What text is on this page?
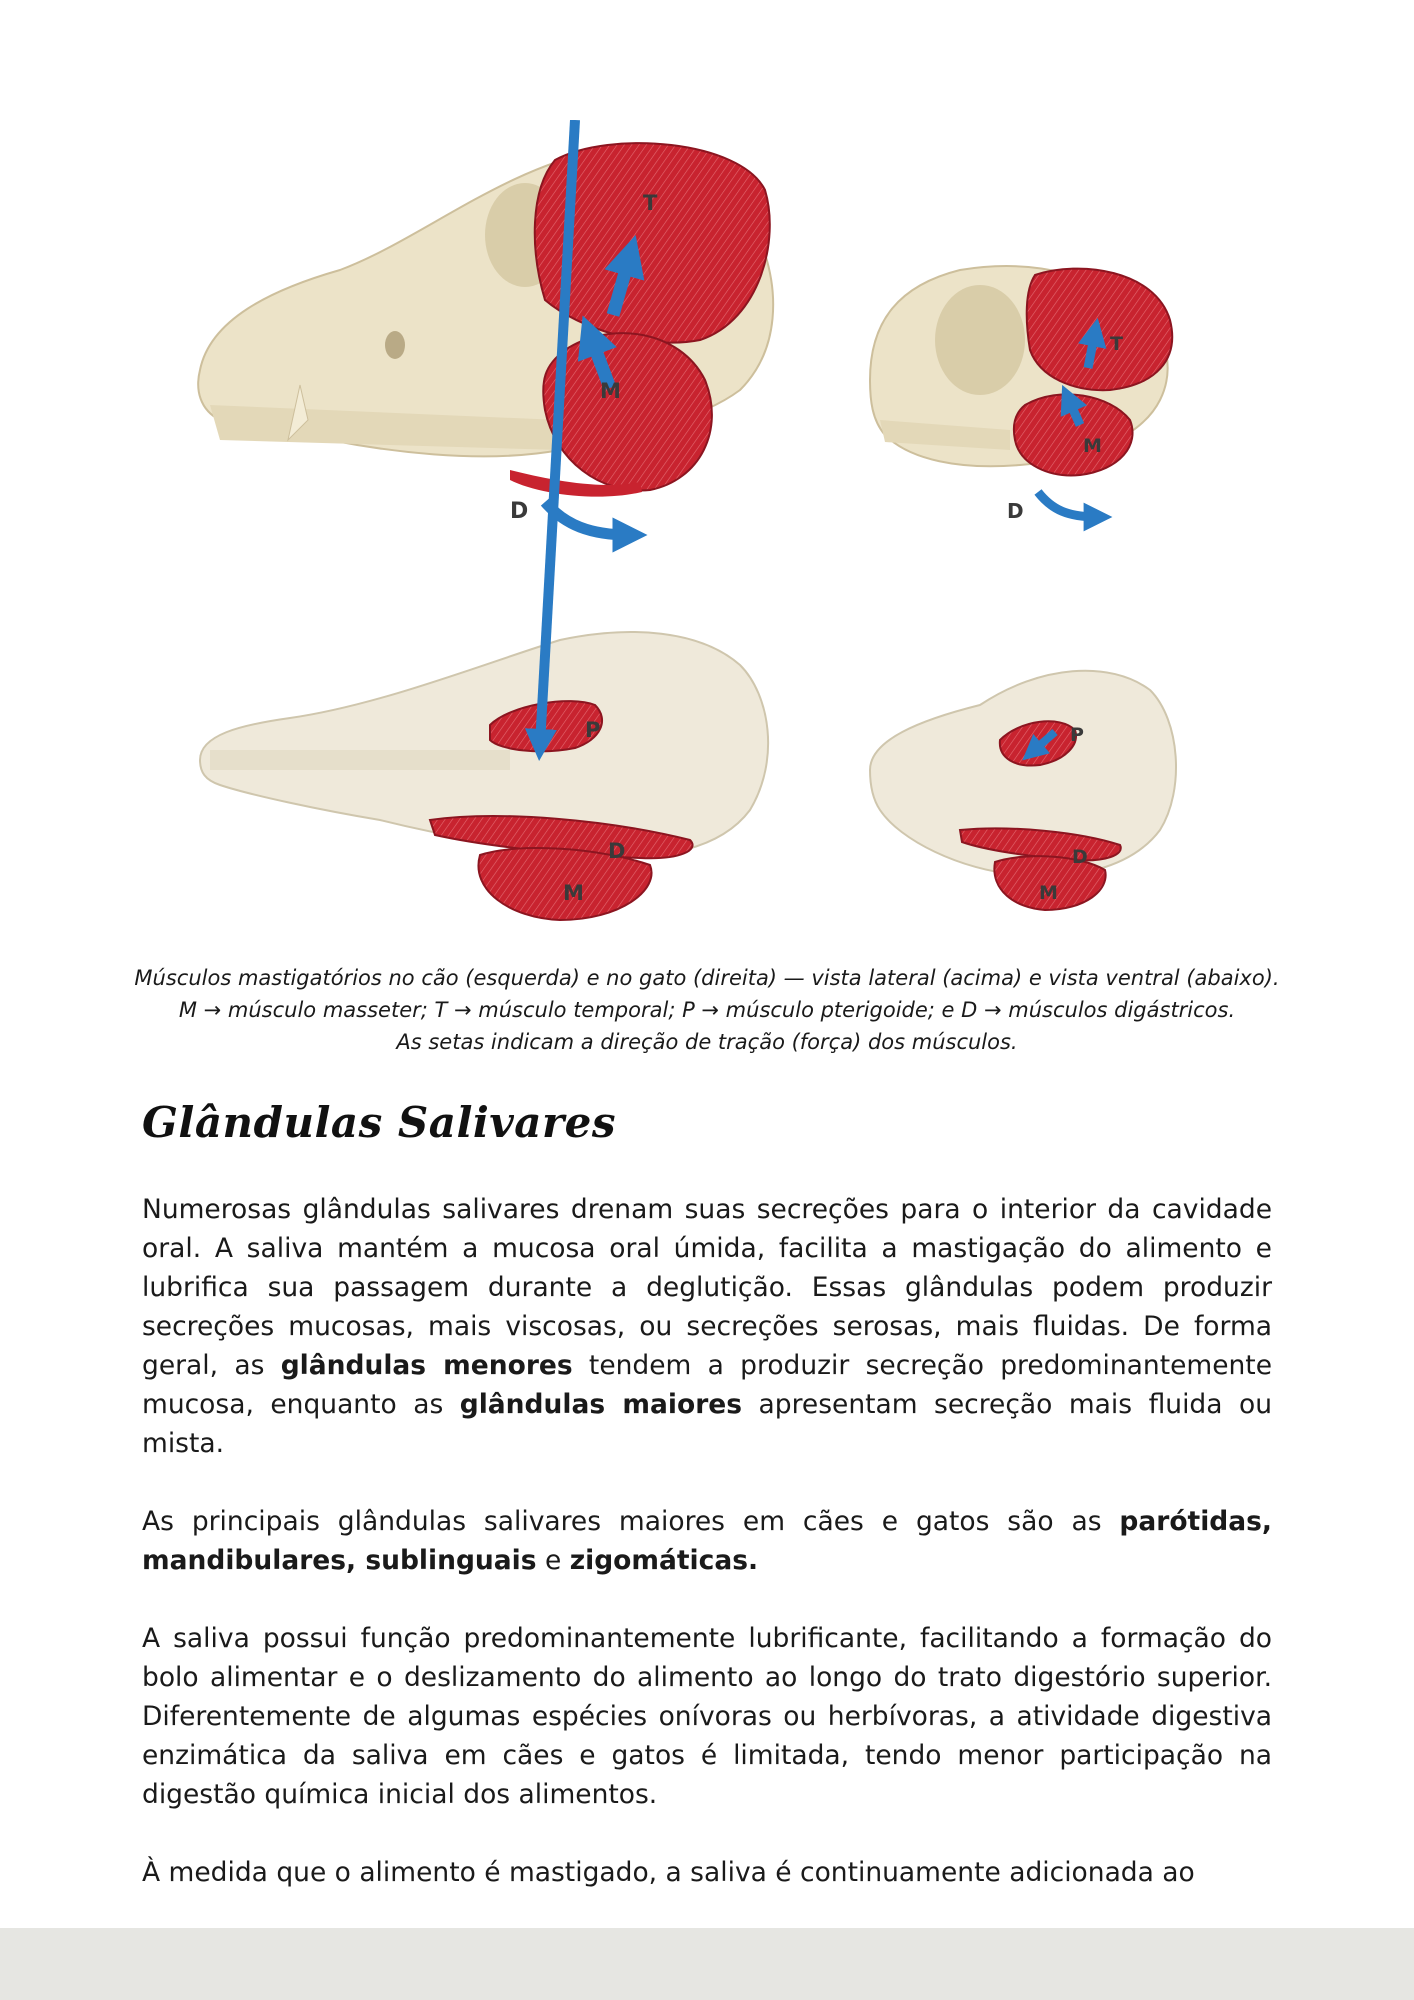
T
M
D
T
M
D
P
D
M
P
D
M
Músculos mastigatórios no cão (esquerda) e no gato (direita) — vista lateral (acima) e vista ventral (abaixo).
M → músculo masseter; T → músculo temporal; P → músculo pterigoide; e D → músculos digástricos.
As setas indicam a direção de tração (força) dos músculos.
Glândulas Salivares

Numerosas glândulas salivares drenam suas secreções para o interior da cavidade oral. A saliva mantém a mucosa oral úmida, facilita a mastigação do alimento e lubrifica sua passagem durante a deglutição. Essas glândulas podem produzir secreções mucosas, mais viscosas, ou secreções serosas, mais fluidas. De forma geral, as glândulas menores tendem a produzir secreção predominantemente mucosa, enquanto as glândulas maiores apresentam secreção mais fluida ou mista.

As principais glândulas salivares maiores em cães e gatos são as parótidas, mandibulares, sublinguais e zigomáticas.

A saliva possui função predominantemente lubrificante, facilitando a formação do bolo alimentar e o deslizamento do alimento ao longo do trato digestório superior. Diferentemente de algumas espécies onívoras ou herbívoras, a atividade digestiva enzimática da saliva em cães e gatos é limitada, tendo menor participação na digestão química inicial dos alimentos.

À medida que o alimento é mastigado, a saliva é continuamente adicionada ao
